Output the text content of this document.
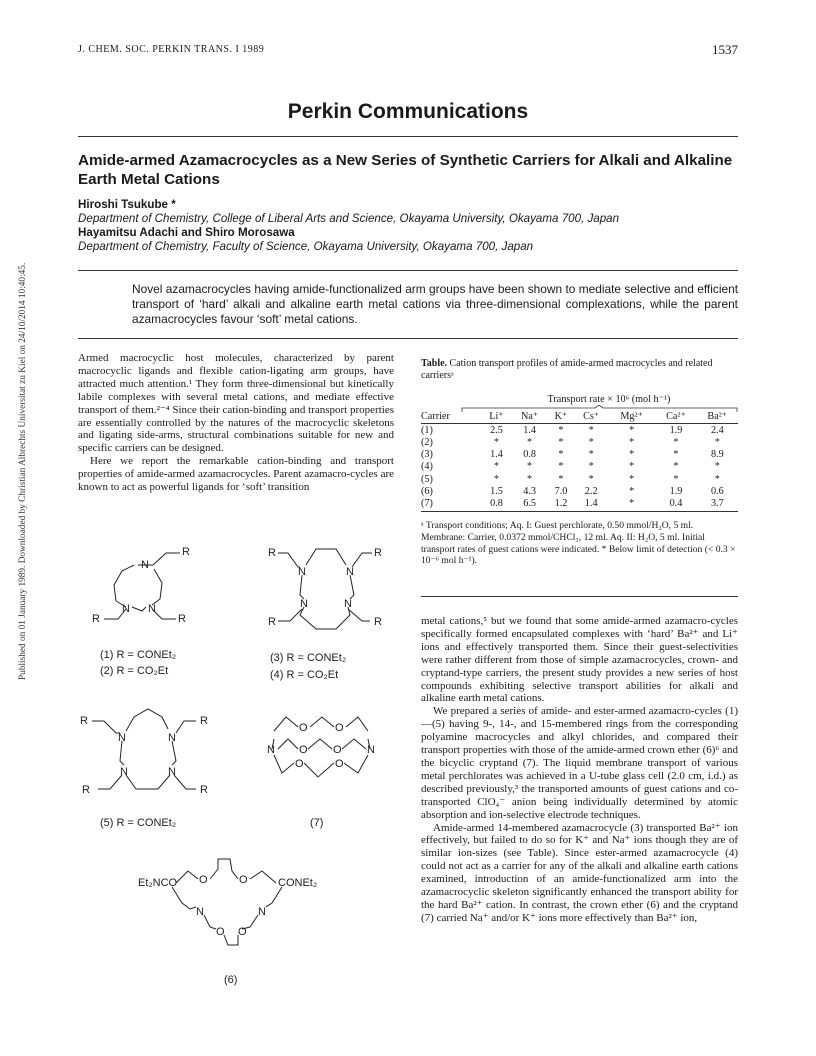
Published on 01 January 1989. Downloaded by Christian Albrechts Universitat zu Kiel on 24/10/2014 10:40:45.
J. CHEM. SOC. PERKIN TRANS. I 1989	1537
Perkin Communications
Amide-armed Azamacrocycles as a New Series of Synthetic Carriers for Alkali and Alkaline Earth Metal Cations
Hiroshi Tsukube *
Department of Chemistry, College of Liberal Arts and Science, Okayama University, Okayama 700, Japan
Hayamitsu Adachi and Shiro Morosawa
Department of Chemistry, Faculty of Science, Okayama University, Okayama 700, Japan
Novel azamacrocycles having amide-functionalized arm groups have been shown to mediate selective and efficient transport of ‘hard’ alkali and alkaline earth metal cations via three-dimensional complexations, while the parent azamacrocycles favour ‘soft’ metal cations.

Armed macrocyclic host molecules, characterized by parent macrocyclic ligands and flexible cation-ligating arm groups, have attracted much attention.¹ They form three-dimensional but kinetically labile complexes with several metal cations, and mediate effective transport of them.²⁻⁴ Since their cation-binding and transport properties are essentially controlled by the natures of the macrocyclic skeletons and ligating side-arms, structural combinations suitable for new and specific carriers can be designed.

Here we report the remarkable cation-binding and transport properties of amide-armed azamacrocycles. Parent azamacro-cycles are known to act as powerful ligands for ‘soft’ transition

Table. Cation transport profiles of amide-armed macrocycles and related carriersᵃ
Transport rate × 10⁶ (mol h⁻¹)
Carrier	Li⁺	Na⁺	K⁺	Cs⁺	Mg²⁺	Ca²⁺	Ba²⁺

(1)	2.5	1.4	*	*	*	1.9	2.4
(2)	*	*	*	*	*	*	*
(3)	1.4	0.8	*	*	*	*	8.9
(4)	*	*	*	*	*	*	*
(5)	*	*	*	*	*	*	*
(6)	1.5	4.3	7.0	2.2	*	1.9	0.6
(7)	0.8	6.5	1.2	1.4	*	0.4	3.7

ᵃ Transport conditions; Aq. I: Guest perchlorate, 0.50 mmol/H₂O, 5 ml. Membrane: Carrier, 0.0372 mmol/CHCl₃, 12 ml. Aq. II: H₂O, 5 ml. Initial transport rates of guest cations were indicated. * Below limit of detection (< 0.3 × 10⁻⁶ mol h⁻¹).

metal cations,⁵ but we found that some amide-armed azamacro-cycles specifically formed encapsulated complexes with ‘hard’ Ba²⁺ and Li⁺ ions and effectively transported them. Since their guest-selectivities were rather different from those of simple azamacrocycles, crown- and cryptand-type carriers, the present study provides a new series of host compounds exhibiting selective transport abilities for alkali and alkaline earth metal cations.

We prepared a series of amide- and ester-armed azamacro-cycles (1)—(5) having 9-, 14-, and 15-membered rings from the corresponding polyamine macrocycles and alkyl chlorides, and compared their transport properties with those of the amide-armed crown ether (6)⁶ and the bicyclic cryptand (7). The liquid membrane transport of various metal perchlorates was achieved in a U-tube glass cell (2.0 cm, i.d.) as described previously,³ the transported amounts of guest cations and co-transported ClO₄⁻ anion being individually determined by atomic absorption and ion-selective electrode techniques.

Amide-armed 14-membered azamacrocycle (3) transported Ba²⁺ ion effectively, but failed to do so for K⁺ and Na⁺ ions though they are of similar ion-sizes (see Table). Since ester-armed azamacrocycle (4) could not act as a carrier for any of the alkali and alkaline earth cations examined, introduction of an amide-functionalized arm into the azamacrocyclic skeleton significantly enhanced the transport ability for the hard Ba²⁺ cation. In contrast, the crown ether (6) and the cryptand (7) carried Na⁺ and/or K⁺ ions more effectively than Ba²⁺ ion,

N
R
N N
R	R
R	R
N	N
N	N
R	R
(1) R = CONEt₂
(2) R = CO₂Et
(3) R = CONEt₂
(4) R = CO₂Et
R	R
N	N
N	N
R	R
O O
N O O N
O	O
(5) R = CONEt₂	(7)
Et₂NCO	CONEt₂
O	O
N	N
O O
(6)
